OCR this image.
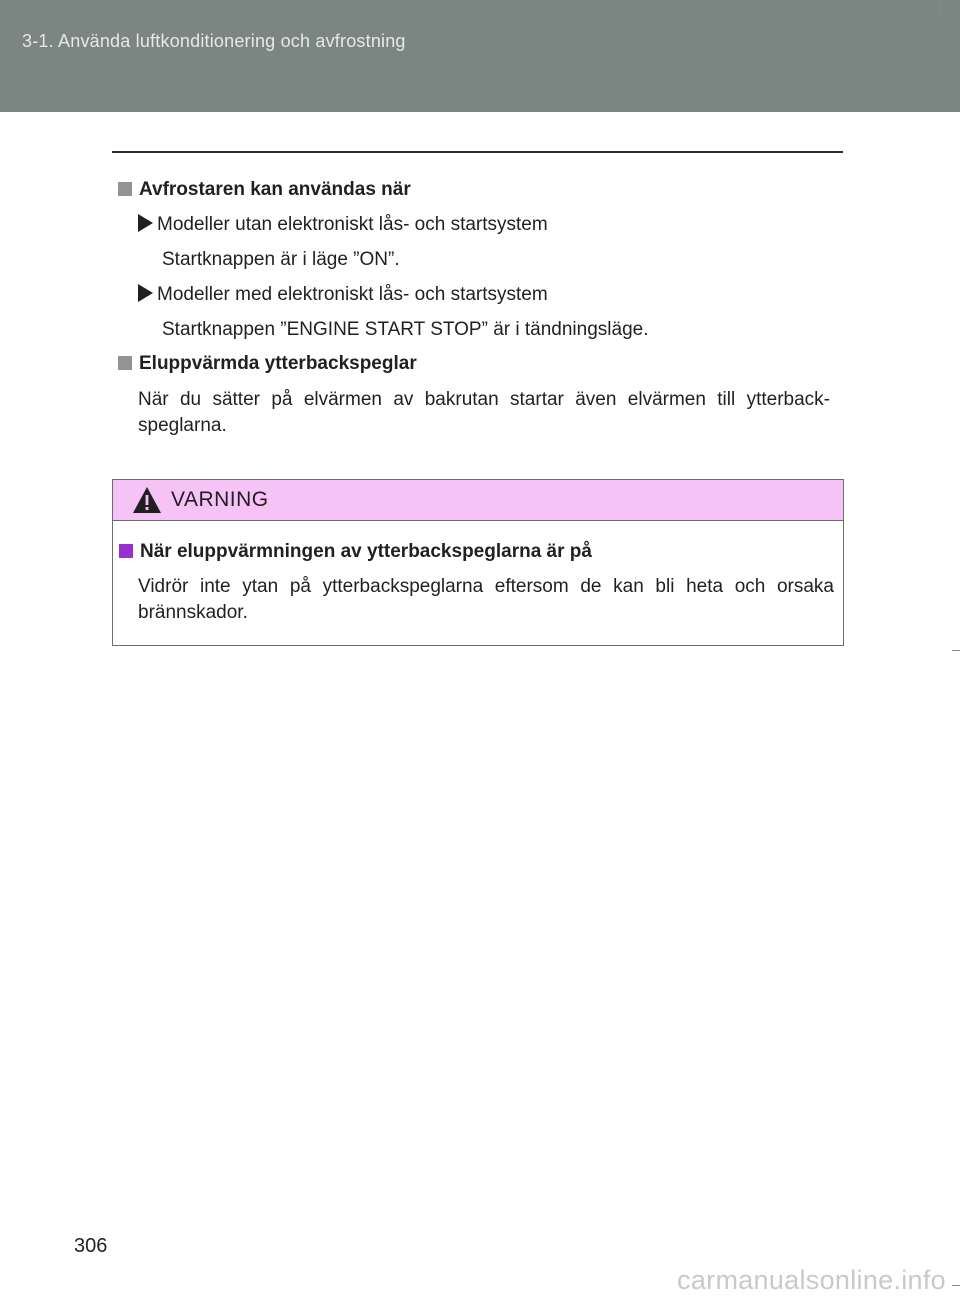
3-1. Använda luftkonditionering och avfrostning
Avfrostaren kan användas när
Modeller utan elektroniskt lås- och startsystem
Startknappen är i läge ”ON”.
Modeller med elektroniskt lås- och startsystem
Startknappen ”ENGINE START STOP” är i tändningsläge.
Eluppvärmda ytterbackspeglar
När du sätter på elvärmen av bakrutan startar även elvärmen till ytterback-speglarna.
VARNING
När eluppvärmningen av ytterbackspeglarna är på
Vidrör inte ytan på ytterbackspeglarna eftersom de kan bli heta och orsaka brännskador.
306
carmanualsonline.info
